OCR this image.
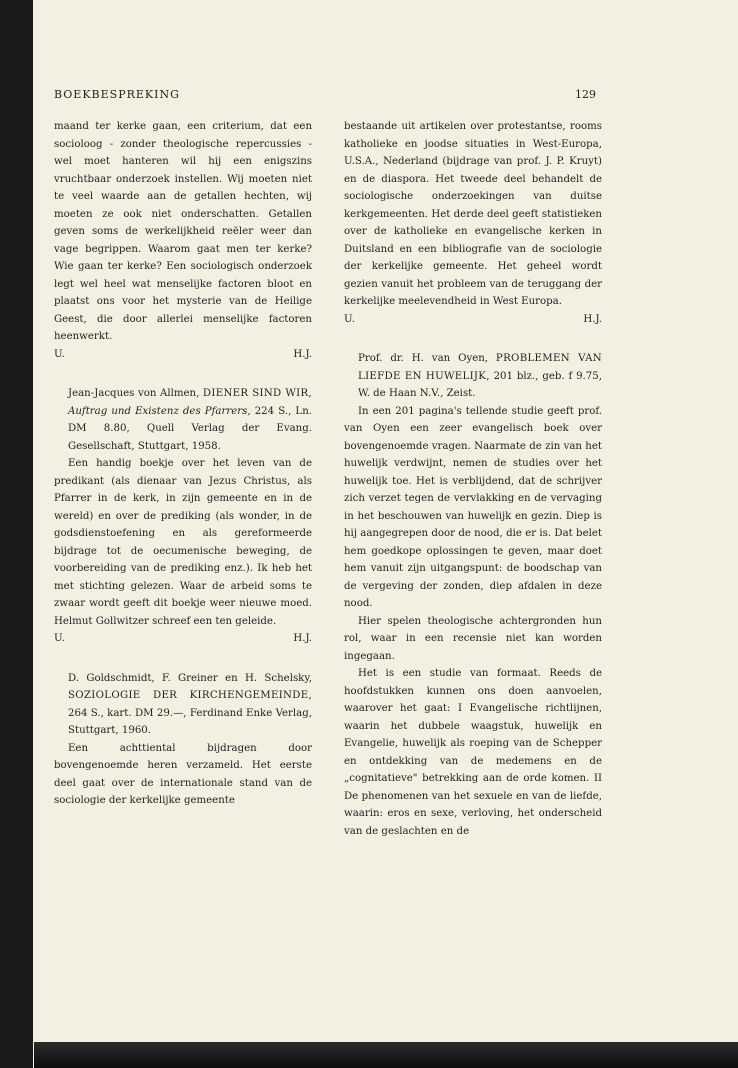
BOEKBESPREKING	129

maand ter kerke gaan, een criterium, dat een socioloog - zonder theologische repercussies - wel moet hanteren wil hij een enigszins vruchtbaar onderzoek instellen. Wij moeten niet te veel waarde aan de getallen hechten, wij moeten ze ook niet onderschatten. Getallen geven soms de werkelijkheid reëler weer dan vage begrippen. Waarom gaat men ter kerke? Wie gaan ter kerke? Een sociologisch onderzoek legt wel heel wat menselijke factoren bloot en plaatst ons voor het mysterie van de Heilige Geest, die door allerlei menselijke factoren heenwerkt.

U.	H.J.

Jean-Jacques von Allmen, DIENER SIND WIR, Auftrag und Existenz des Pfarrers, 224 S., Ln. DM 8.80, Quell Verlag der Evang. Gesellschaft, Stuttgart, 1958.

Een handig boekje over het leven van de predikant (als dienaar van Jezus Christus, als Pfarrer in de kerk, in zijn gemeente en in de wereld) en over de prediking (als wonder, in de godsdienstoefening en als gereformeerde bijdrage tot de oecumenische beweging, de voorbereiding van de prediking enz.). Ik heb het met stichting gelezen. Waar de arbeid soms te zwaar wordt geeft dit boekje weer nieuwe moed. Helmut Gollwitzer schreef een ten geleide.

U.	H.J.

D. Goldschmidt, F. Greiner en H. Schelsky, SOZIOLOGIE DER KIRCHENGEMEINDE, 264 S., kart. DM 29.—, Ferdinand Enke Verlag, Stuttgart, 1960.

Een achttiental bijdragen door bovengenoemde heren verzameld. Het eerste deel gaat over de internationale stand van de sociologie der kerkelijke gemeente

bestaande uit artikelen over protestantse, rooms katholieke en joodse situaties in West-Europa, U.S.A., Nederland (bijdrage van prof. J. P. Kruyt) en de diaspora. Het tweede deel behandelt de sociologische onderzoekingen van duitse kerkgemeenten. Het derde deel geeft statistieken over de katholieke en evangelische kerken in Duitsland en een bibliografie van de sociologie der kerkelijke gemeente. Het geheel wordt gezien vanuit het probleem van de teruggang der kerkelijke meelevendheid in West Europa.

U.	H.J.

Prof. dr. H. van Oyen, PROBLEMEN VAN LIEFDE EN HUWELIJK, 201 blz., geb. f 9.75, W. de Haan N.V., Zeist.

In een 201 pagina's tellende studie geeft prof. van Oyen een zeer evangelisch boek over bovengenoemde vragen. Naarmate de zin van het huwelijk verdwijnt, nemen de studies over het huwelijk toe. Het is verblijdend, dat de schrijver zich verzet tegen de vervlakking en de vervaging in het beschouwen van huwelijk en gezin. Diep is hij aangegrepen door de nood, die er is. Dat belet hem goedkope oplossingen te geven, maar doet hem vanuit zijn uitgangspunt: de boodschap van de vergeving der zonden, diep afdalen in deze nood.

Hier spelen theologische achtergronden hun rol, waar in een recensie niet kan worden ingegaan.

Het is een studie van formaat. Reeds de hoofdstukken kunnen ons doen aanvoelen, waarover het gaat: I Evangelische richtlijnen, waarin het dubbele waagstuk, huwelijk en Evangelie, huwelijk als roeping van de Schepper en ontdekking van de medemens en de „cognitatieve" betrekking aan de orde komen. II De phenomenen van het sexuele en van de liefde, waarin: eros en sexe, verloving, het onderscheid van de geslachten en de
